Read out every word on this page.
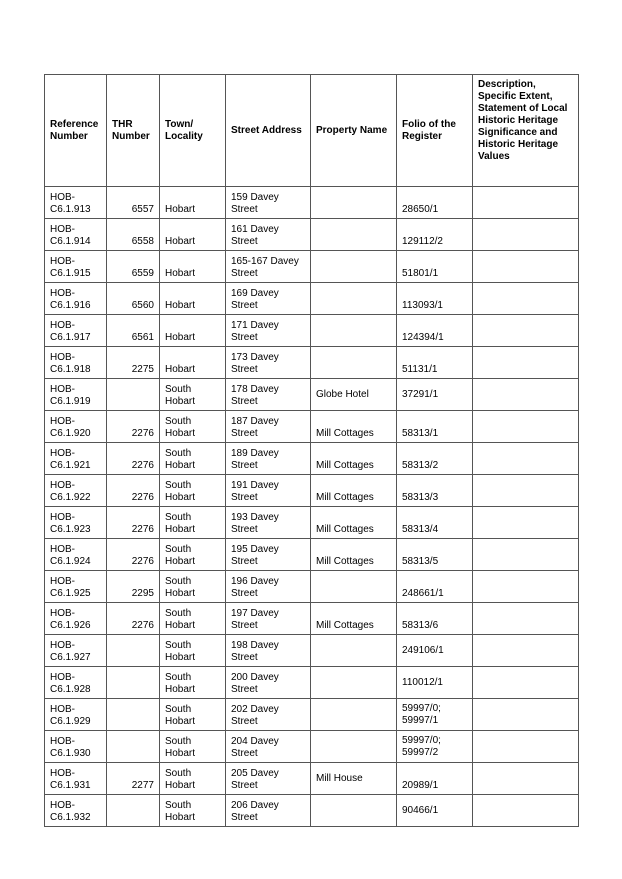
Reference Number	THR Number	Town/ Locality	Street Address	Property Name	Folio of the Register	Description, Specific Extent, Statement of Local Historic Heritage Significance and Historic Heritage Values
HOB-C6.1.913	6557	Hobart	159 Davey Street		28650/1	
HOB-C6.1.914	6558	Hobart	161 Davey Street		129112/2	
HOB-C6.1.915	6559	Hobart	165-167 Davey Street		51801/1	
HOB-C6.1.916	6560	Hobart	169 Davey Street		113093/1	
HOB-C6.1.917	6561	Hobart	171 Davey Street		124394/1	
HOB-C6.1.918	2275	Hobart	173 Davey Street		51131/1	
HOB-C6.1.919		South Hobart	178 Davey Street	Globe Hotel	37291/1	
HOB-C6.1.920	2276	South Hobart	187 Davey Street	Mill Cottages	58313/1	
HOB-C6.1.921	2276	South Hobart	189 Davey Street	Mill Cottages	58313/2	
HOB-C6.1.922	2276	South Hobart	191 Davey Street	Mill Cottages	58313/3	
HOB-C6.1.923	2276	South Hobart	193 Davey Street	Mill Cottages	58313/4	
HOB-C6.1.924	2276	South Hobart	195 Davey Street	Mill Cottages	58313/5	
HOB-C6.1.925	2295	South Hobart	196 Davey Street		248661/1	
HOB-C6.1.926	2276	South Hobart	197 Davey Street	Mill Cottages	58313/6	
HOB-C6.1.927		South Hobart	198 Davey Street		249106/1	
HOB-C6.1.928		South Hobart	200 Davey Street		110012/1	
HOB-C6.1.929		South Hobart	202 Davey Street		59997/0; 59997/1	
HOB-C6.1.930		South Hobart	204 Davey Street		59997/0; 59997/2	
HOB-C6.1.931	2277	South Hobart	205 Davey Street	Mill House	20989/1	
HOB-C6.1.932		South Hobart	206 Davey Street		90466/1	
